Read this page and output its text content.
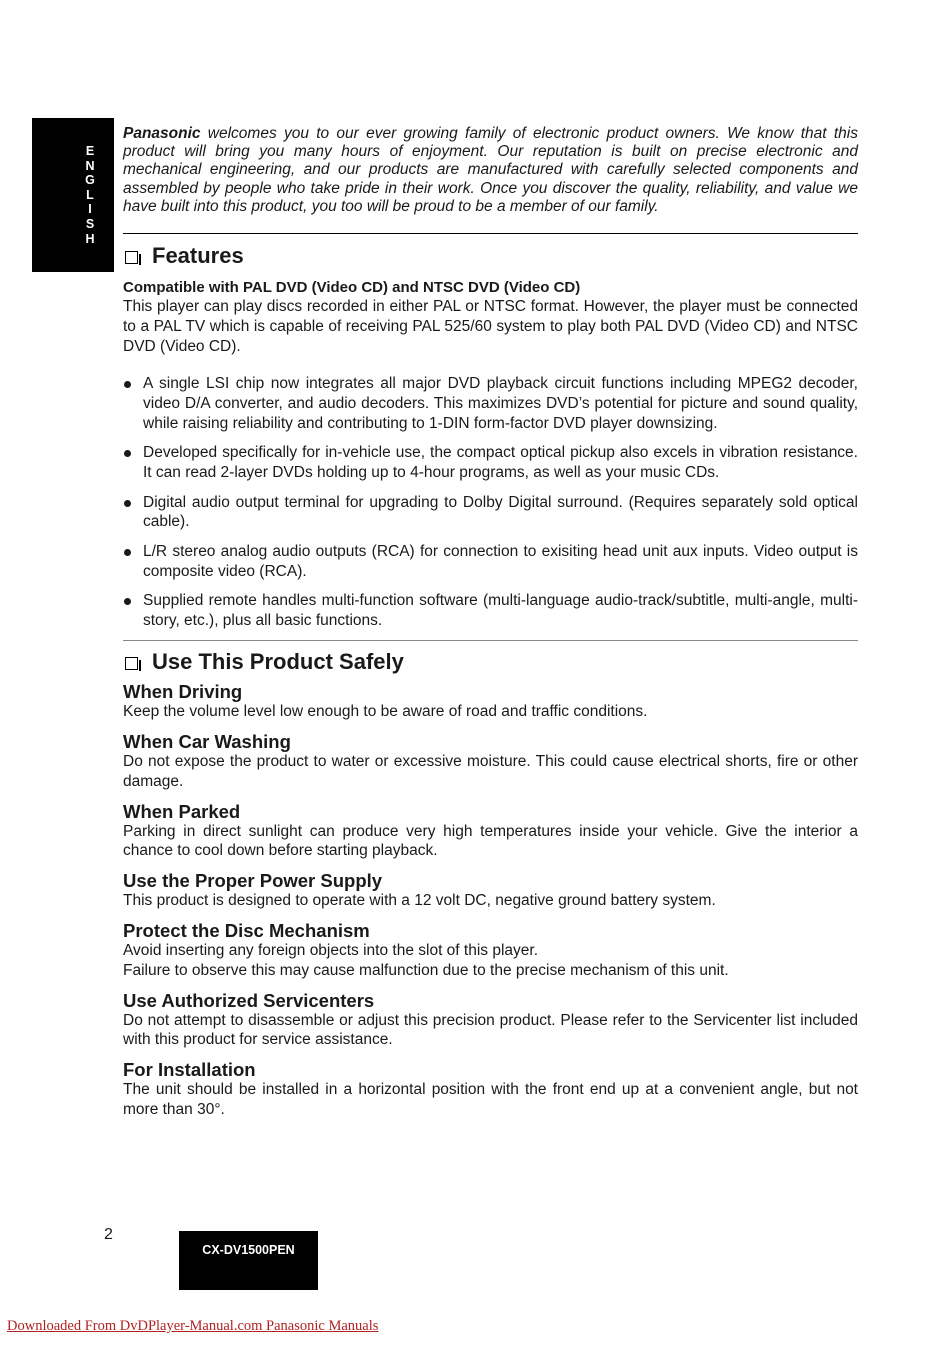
E
N
G
L
I
S
H

Panasonic welcomes you to our ever growing family of electronic product owners. We know that this product will bring you many hours of enjoyment. Our reputation is built on precise electronic and mechanical engineering, and our products are manufactured with carefully selected components and assembled by people who take pride in their work. Once you discover the quality, reliability, and value we have built into this product, you too will be proud to be a member of our family.

Features

Compatible with PAL DVD (Video CD) and NTSC DVD (Video CD)

This player can play discs recorded in either PAL or NTSC format. However, the player must be connected to a PAL TV which is capable of receiving PAL 525/60 system to play both PAL DVD (Video CD) and NTSC DVD (Video CD).

A single LSI chip now integrates all major DVD playback circuit functions including MPEG2 decoder, video D/A converter, and audio decoders. This maximizes DVD’s potential for picture and sound quality, while raising reliability and contributing to 1-DIN form-factor DVD player downsizing.
Developed specifically for in-vehicle use, the compact optical pickup also excels in vibration resistance. It can read 2-layer DVDs holding up to 4-hour programs, as well as your music CDs.
Digital audio output terminal for upgrading to Dolby Digital surround. (Requires separately sold optical cable).
L/R stereo analog audio outputs (RCA) for connection to exisiting head unit aux inputs. Video output is composite video (RCA).
Supplied remote handles multi-function software (multi-language audio-track/subtitle, multi-angle, multi-story, etc.), plus all basic functions.
Use This Product Safely

When Driving

Keep the volume level low enough to be aware of road and traffic conditions.

When Car Washing

Do not expose the product to water or excessive moisture. This could cause electrical shorts, fire or other damage.

When Parked

Parking in direct sunlight can produce very high temperatures inside your vehicle. Give the interior a chance to cool down before starting playback.

Use the Proper Power Supply

This product is designed to operate with a 12 volt DC, negative ground battery system.

Protect the Disc Mechanism

Avoid inserting any foreign objects into the slot of this player.

Failure to observe this may cause malfunction due to the precise mechanism of this unit.

Use Authorized Servicenters

Do not attempt to disassemble or adjust this precision product. Please refer to the Servicenter list included with this product for service assistance.

For Installation

The unit should be installed in a horizontal position with the front end up at a convenient angle, but not more than 30°.

2
CX-DV1500PEN
Downloaded From DvDPlayer-Manual.com Panasonic Manuals
